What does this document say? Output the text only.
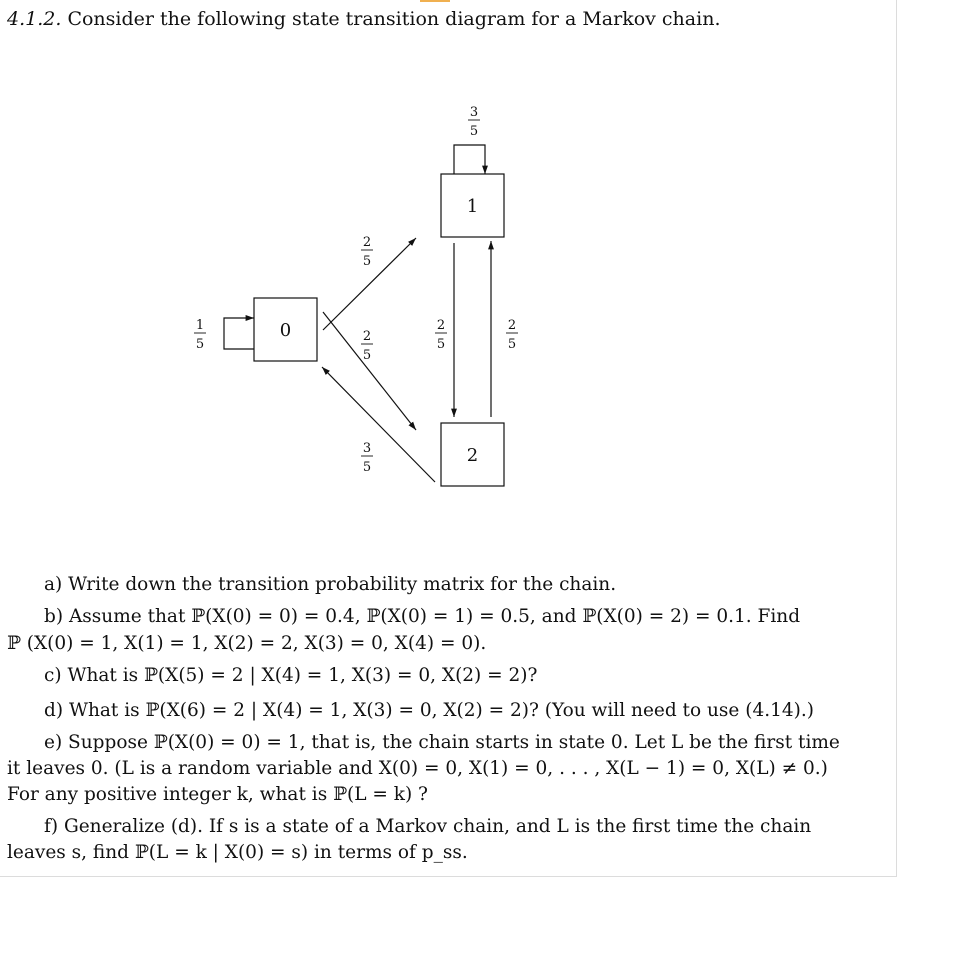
4.1.2. Consider the following state transition diagram for a Markov chain.
0
1
2
1
5
2
5
2
5
3
5
2
5
2
5
3
5
a) Write down the transition probability matrix for the chain.
b) Assume that ℙ(X(0) = 0) = 0.4, ℙ(X(0) = 1) = 0.5, and ℙ(X(0) = 2) = 0.1. Find
ℙ (X(0) = 1, X(1) = 1, X(2) = 2, X(3) = 0, X(4) = 0).
c) What is ℙ(X(5) = 2 | X(4) = 1, X(3) = 0, X(2) = 2)?
d) What is ℙ(X(6) = 2 | X(4) = 1, X(3) = 0, X(2) = 2)? (You will need to use (4.14).)
e) Suppose ℙ(X(0) = 0) = 1, that is, the chain starts in state 0. Let L be the first time
it leaves 0. (L is a random variable and X(0) = 0, X(1) = 0, . . . , X(L − 1) = 0, X(L) ≠ 0.)
For any positive integer k, what is ℙ(L = k) ?
f) Generalize (d). If s is a state of a Markov chain, and L is the first time the chain
leaves s, find ℙ(L = k | X(0) = s) in terms of p_ss.
